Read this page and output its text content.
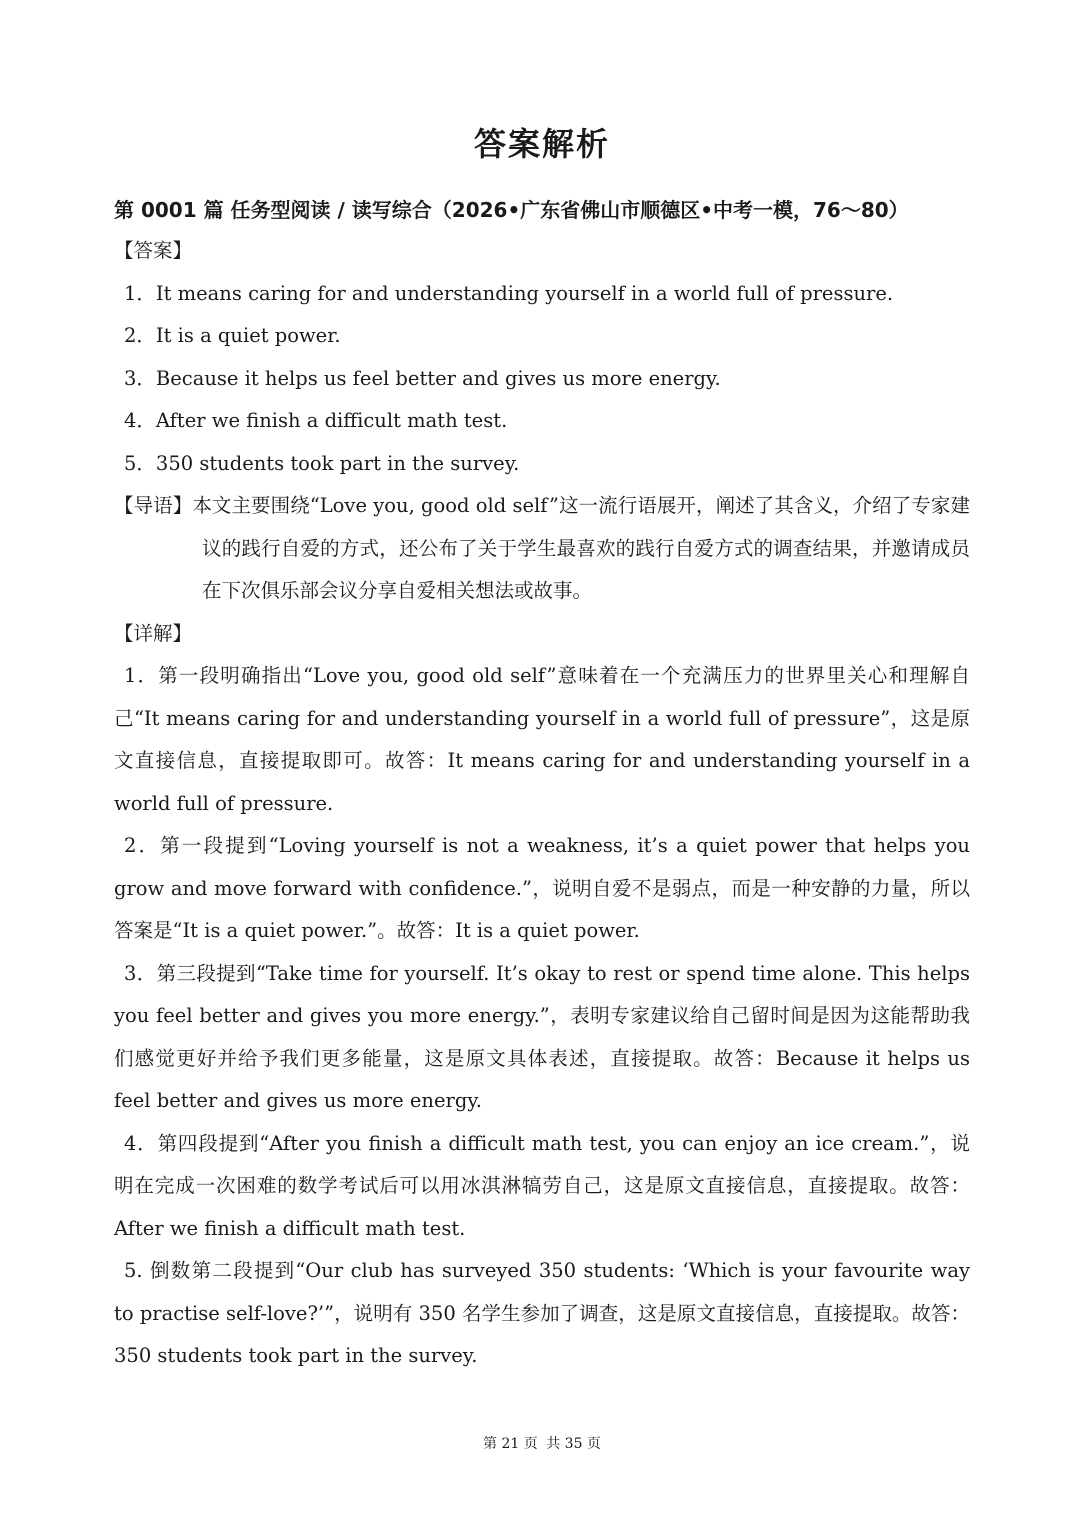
答案解析
第 0001 篇 任务型阅读 / 读写综合（2026•广东省佛山市顺德区•中考一模，76～80）
【答案】
1．It means caring for and understanding yourself in a world full of pressure.
2．It is a quiet power.
3．Because it helps us feel better and gives us more energy.
4．After we finish a difficult math test.
5．350 students took part in the survey.
【导语】本文主要围绕“Love you, good old self”这一流行语展开，阐述了其含义，介绍了专家建议的践行自爱的方式，还公布了关于学生最喜欢的践行自爱方式的调查结果，并邀请成员在下次俱乐部会议分享自爱相关想法或故事。
【详解】
1．第一段明确指出“Love you, good old self”意味着在一个充满压力的世界里关心和理解自己“It means caring for and understanding yourself in a world full of pressure”，这是原文直接信息，直接提取即可。故答：It means caring for and understanding yourself in a world full of pressure.
2．第一段提到“Loving yourself is not a weakness, it’s a quiet power that helps you grow and move forward with confidence.”，说明自爱不是弱点，而是一种安静的力量，所以答案是“It is a quiet power.”。故答：It is a quiet power.
3．第三段提到“Take time for yourself. It’s okay to rest or spend time alone. This helps you feel better and gives you more energy.”，表明专家建议给自己留时间是因为这能帮助我们感觉更好并给予我们更多能量，这是原文具体表述，直接提取。故答：Because it helps us feel better and gives us more energy.
4．第四段提到“After you finish a difficult math test, you can enjoy an ice cream.”，说明在完成一次困难的数学考试后可以用冰淇淋犒劳自己，这是原文直接信息，直接提取。故答：After we finish a difficult math test.
5. 倒数第二段提到“Our club has surveyed 350 students: ‘Which is your favourite way to practise self-love?’”，说明有 350 名学生参加了调查，这是原文直接信息，直接提取。故答：350 students took part in the survey.
第 21 页 共 35 页
